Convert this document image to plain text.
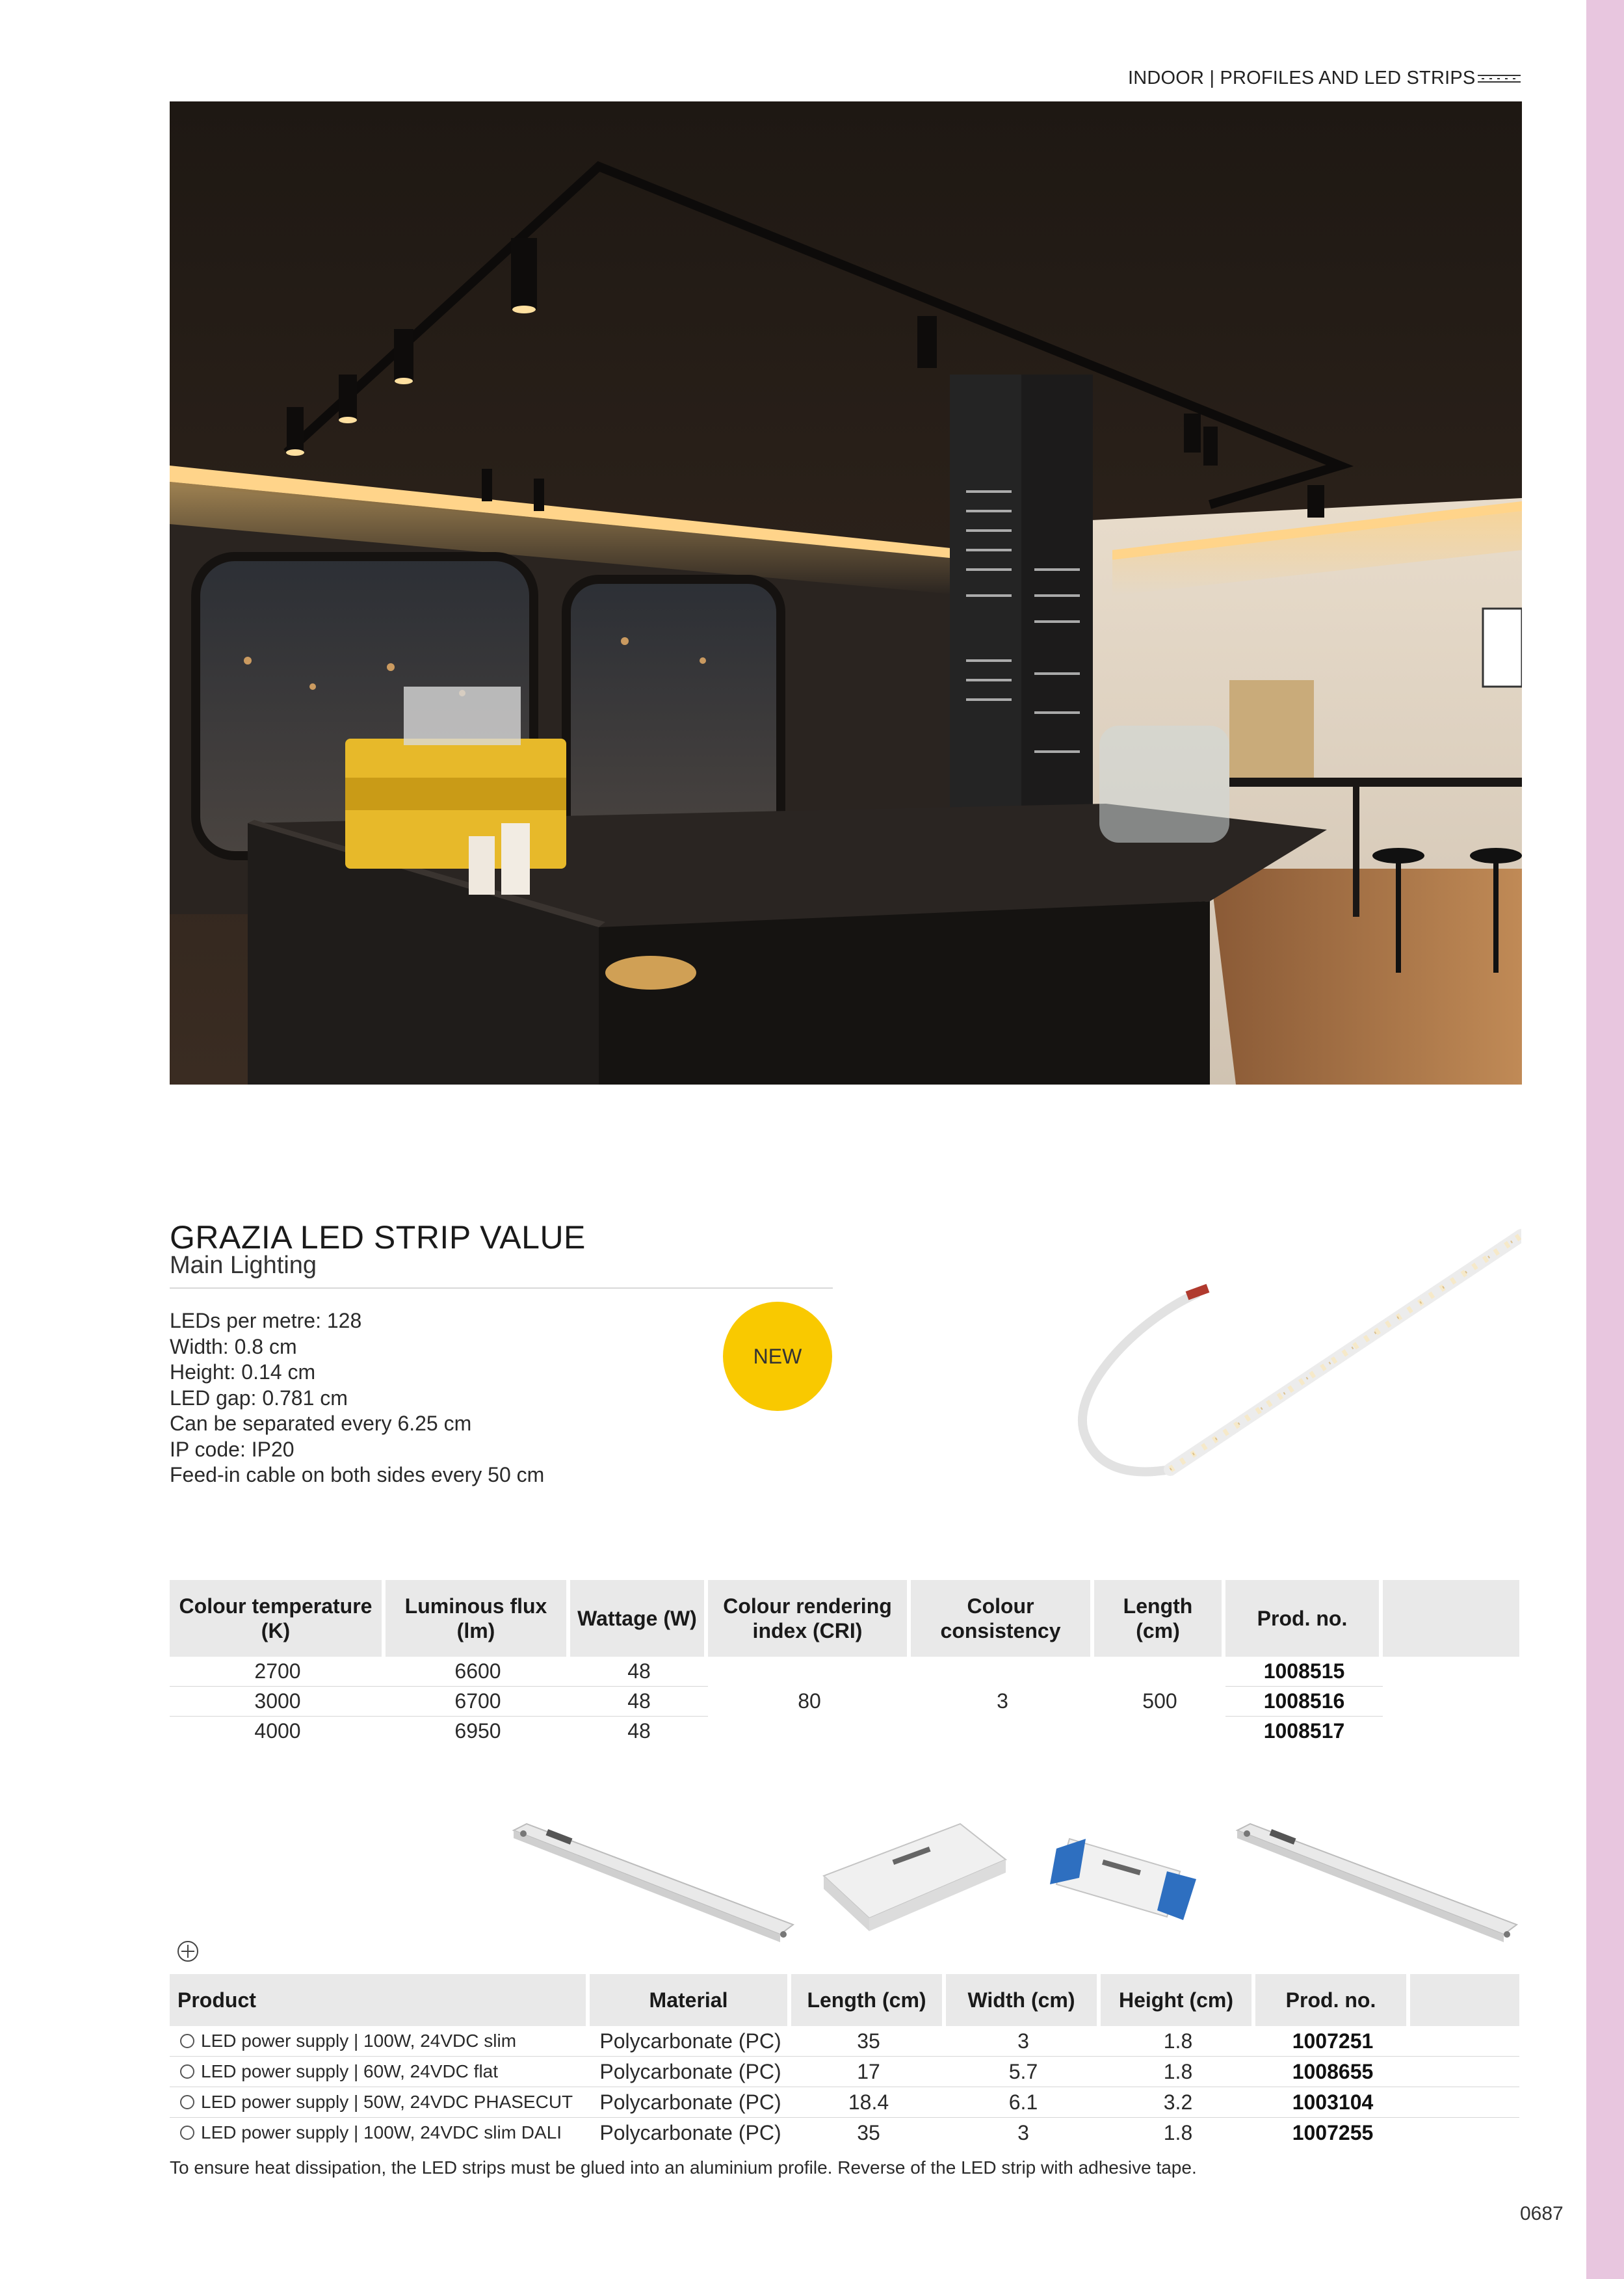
INDOOR | PROFILES AND LED STRIPS
GRAZIA LED STRIP VALUE
Main Lighting
LEDs per metre: 128
Width: 0.8 cm
Height: 0.14 cm
LED gap: 0.781 cm
Can be separated every 6.25 cm
IP code: IP20
Feed-in cable on both sides every 50 cm
NEW
Colour temperature (K)	Luminous flux (lm)	Wattage (W)	Colour rendering index (CRI)	Colour consistency	Length (cm)	Prod. no.	
2700	6600	48	80	3	500	1008515	
3000	6700	48				1008516	
4000	6950	48				1008517	
Product	Material	Length (cm)	Width (cm)	Height (cm)	Prod. no.	
LED power supply | 100W, 24VDC slim	Polycarbonate (PC)	35	3	1.8	1007251	
LED power supply | 60W, 24VDC flat	Polycarbonate (PC)	17	5.7	1.8	1008655	
LED power supply | 50W, 24VDC PHASECUT	Polycarbonate (PC)	18.4	6.1	3.2	1003104	
LED power supply | 100W, 24VDC slim DALI	Polycarbonate (PC)	35	3	1.8	1007255	
To ensure heat dissipation, the LED strips must be glued into an aluminium profile. Reverse of the LED strip with adhesive tape.
0687
